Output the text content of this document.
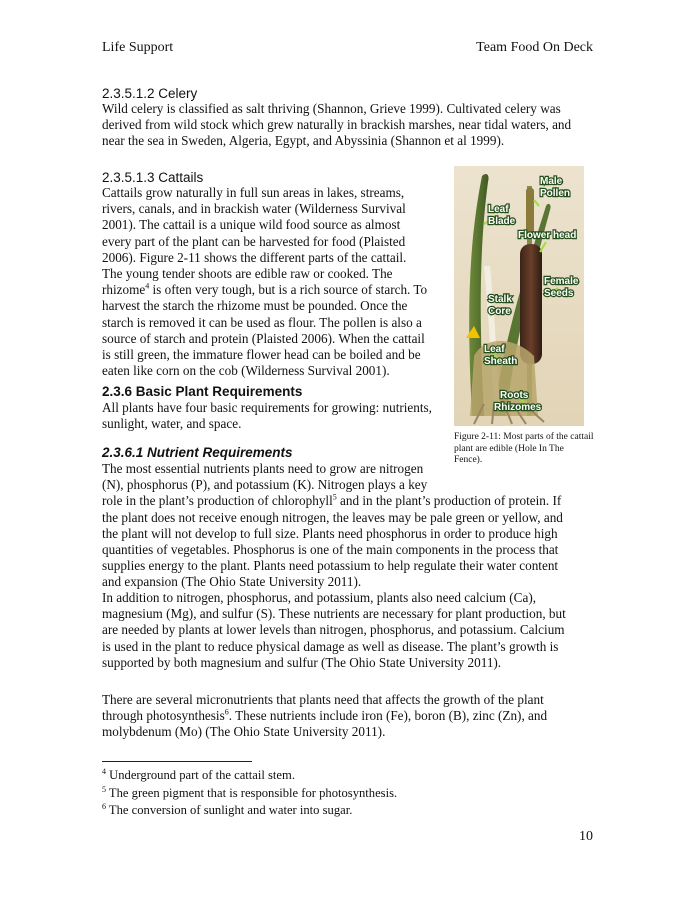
Life Support	Team Food On Deck
2.3.5.1.2 Celery

Wild celery is classified as salt thriving (Shannon, Grieve 1999). Cultivated celery was
derived from wild stock which grew naturally in brackish marshes, near tidal waters, and
near the sea in Sweden, Algeria, Egypt, and Abyssinia (Shannon et al 1999).

2.3.5.1.3 Cattails

Cattails grow naturally in full sun areas in lakes, streams,
rivers, canals, and in brackish water (Wilderness Survival
2001). The cattail is a unique wild food source as almost
every part of the plant can be harvested for food (Plaisted
2006). Figure 2-11 shows the different parts of the cattail.
The young tender shoots are edible raw or cooked. The
rhizome$^4$ is often very tough, but is a rich source of starch. To
harvest the starch the rhizome must be pounded. Once the
starch is removed it can be used as flour. The pollen is also a
source of starch and protein (Plaisted 2006). When the cattail
is still green, the immature flower head can be boiled and be
eaten like corn on the cob (Wilderness Survival 2001).

2.3.6 Basic Plant Requirements

All plants have four basic requirements for growing: nutrients,
sunlight, water, and space.

2.3.6.1 Nutrient Requirements

The most essential nutrients plants need to grow are nitrogen
(N), phosphorus (P), and potassium (K). Nitrogen plays a key
role in the plant’s production of chlorophyll$^5$ and in the plant’s production of protein. If
the plant does not receive enough nitrogen, the leaves may be pale green or yellow, and
the plant will not develop to full size. Plants need phosphorus in order to produce high
quantities of vegetables. Phosphorus is one of the main components in the process that
supplies energy to the plant. Plants need potassium to help regulate their water content
and expansion (The Ohio State University 2011).

In addition to nitrogen, phosphorus, and potassium, plants also need calcium (Ca),
magnesium (Mg), and sulfur (S). These nutrients are necessary for plant production, but
are needed by plants at lower levels than nitrogen, phosphorus, and potassium. Calcium
is used in the plant to reduce physical damage as well as disease. The plant’s growth is
supported by both magnesium and sulfur (The Ohio State University 2011).

There are several micronutrients that plants need that affects the growth of the plant
through photosynthesis$^6$. These nutrients include iron (Fe), boron (B), zinc (Zn), and
molybdenum (Mo) (The Ohio State University 2011).

Male
Pollen
Leaf
Blade
Flower head
Female
Seeds
Stalk
Core
Leaf
Sheath
Roots
Rhizomes
Figure 2-11: Most parts of the cattail plant are edible (Hole In The Fence).
$^4$ Underground part of the cattail stem.
$^5$ The green pigment that is responsible for photosynthesis.
$^6$ The conversion of sunlight and water into sugar.
10
